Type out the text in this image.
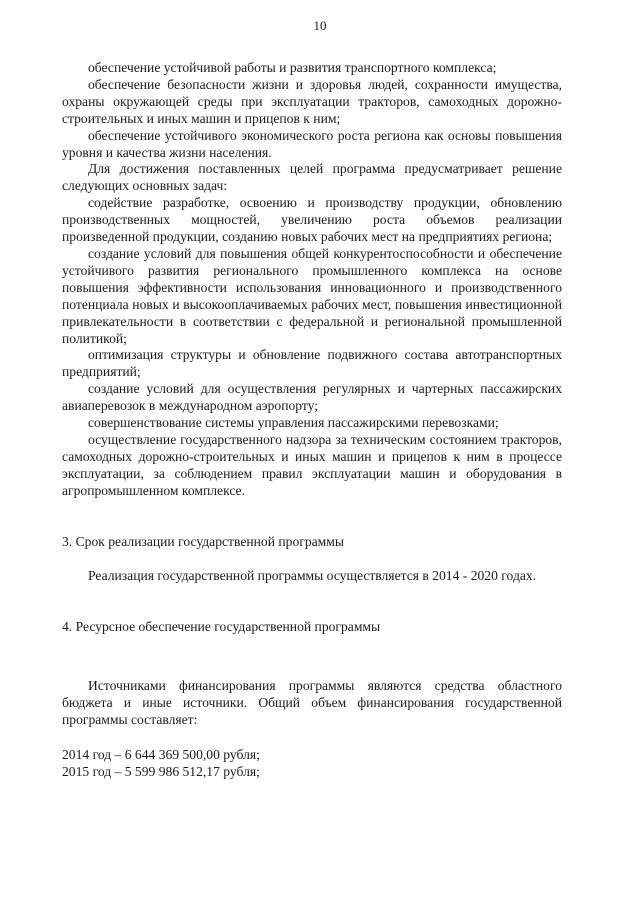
10

обеспечение устойчивой работы и развития транспортного комплекса;

обеспечение безопасности жизни и здоровья людей, сохранности имущества, охраны окружающей среды при эксплуатации тракторов, самоходных дорожно-строительных и иных машин и прицепов к ним;

обеспечение устойчивого экономического роста региона как основы повышения уровня и качества жизни населения.

Для достижения поставленных целей программа предусматривает решение следующих основных задач:

содействие разработке, освоению и производству продукции, обновлению производственных мощностей, увеличению роста объемов реализации произведенной продукции, созданию новых рабочих мест на предприятиях региона;

создание условий для повышения общей конкурентоспособности и обеспечение устойчивого развития регионального промышленного комплекса на основе повышения эффективности использования инновационного и производственного потенциала новых и высокооплачиваемых рабочих мест, повышения инвестиционной привлекательности в соответствии с федеральной и региональной промышленной политикой;

оптимизация структуры и обновление подвижного состава автотранспортных предприятий;

создание условий для осуществления регулярных и чартерных пассажирских авиаперевозок в международном аэропорту;

совершенствование системы управления пассажирскими перевозками;

осуществление государственного надзора за техническим состоянием тракторов, самоходных дорожно-строительных и иных машин и прицепов к ним в процессе эксплуатации, за соблюдением правил эксплуатации машин и оборудования в агропромышленном комплексе.

3. Срок реализации государственной программы

Реализация государственной программы осуществляется в 2014 - 2020 годах.

4. Ресурсное обеспечение государственной программы

Источниками финансирования программы являются средства областного бюджета и иные источники. Общий объем финансирования государственной программы составляет:

2014 год – 6 644 369 500,00 рубля;

2015 год – 5 599 986 512,17 рубля;
